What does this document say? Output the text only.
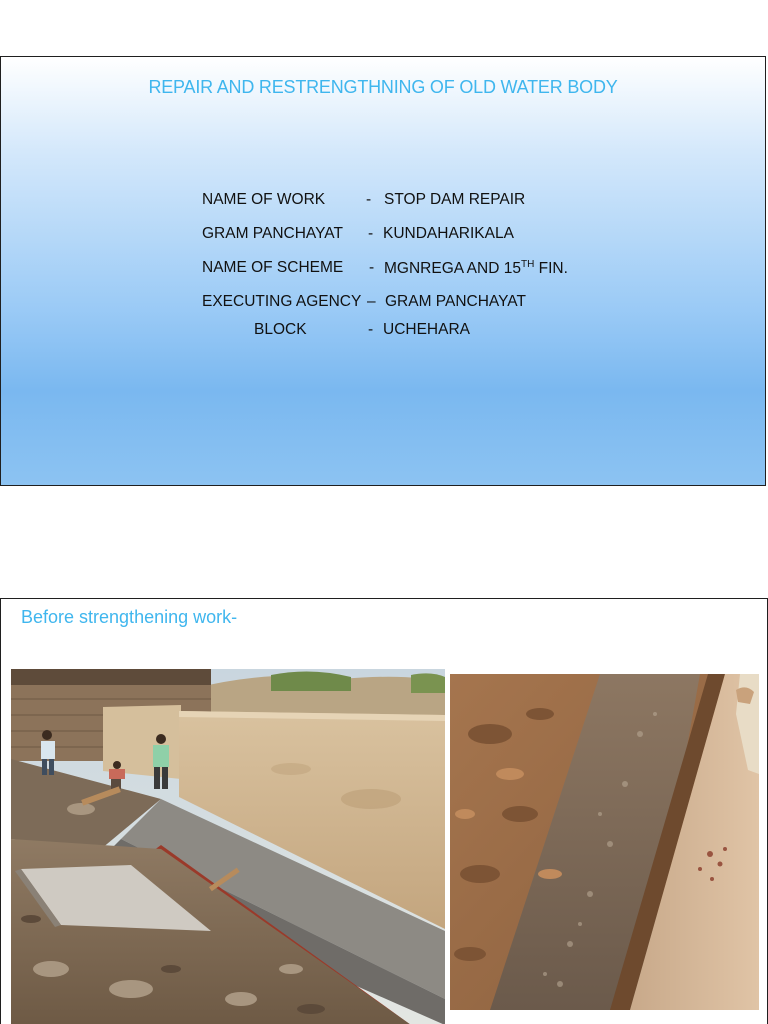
REPAIR AND RESTRENGTHNING OF OLD WATER BODY
NAME OF WORK	- STOP DAM REPAIR
GRAM PANCHAYAT - KUNDAHARIKALA
NAME OF SCHEME - MGNREGA AND 15TH FIN.
EXECUTING AGENCY – GRAM PANCHAYAT
BLOCK	- UCHEHARA
Before strengthening work-
